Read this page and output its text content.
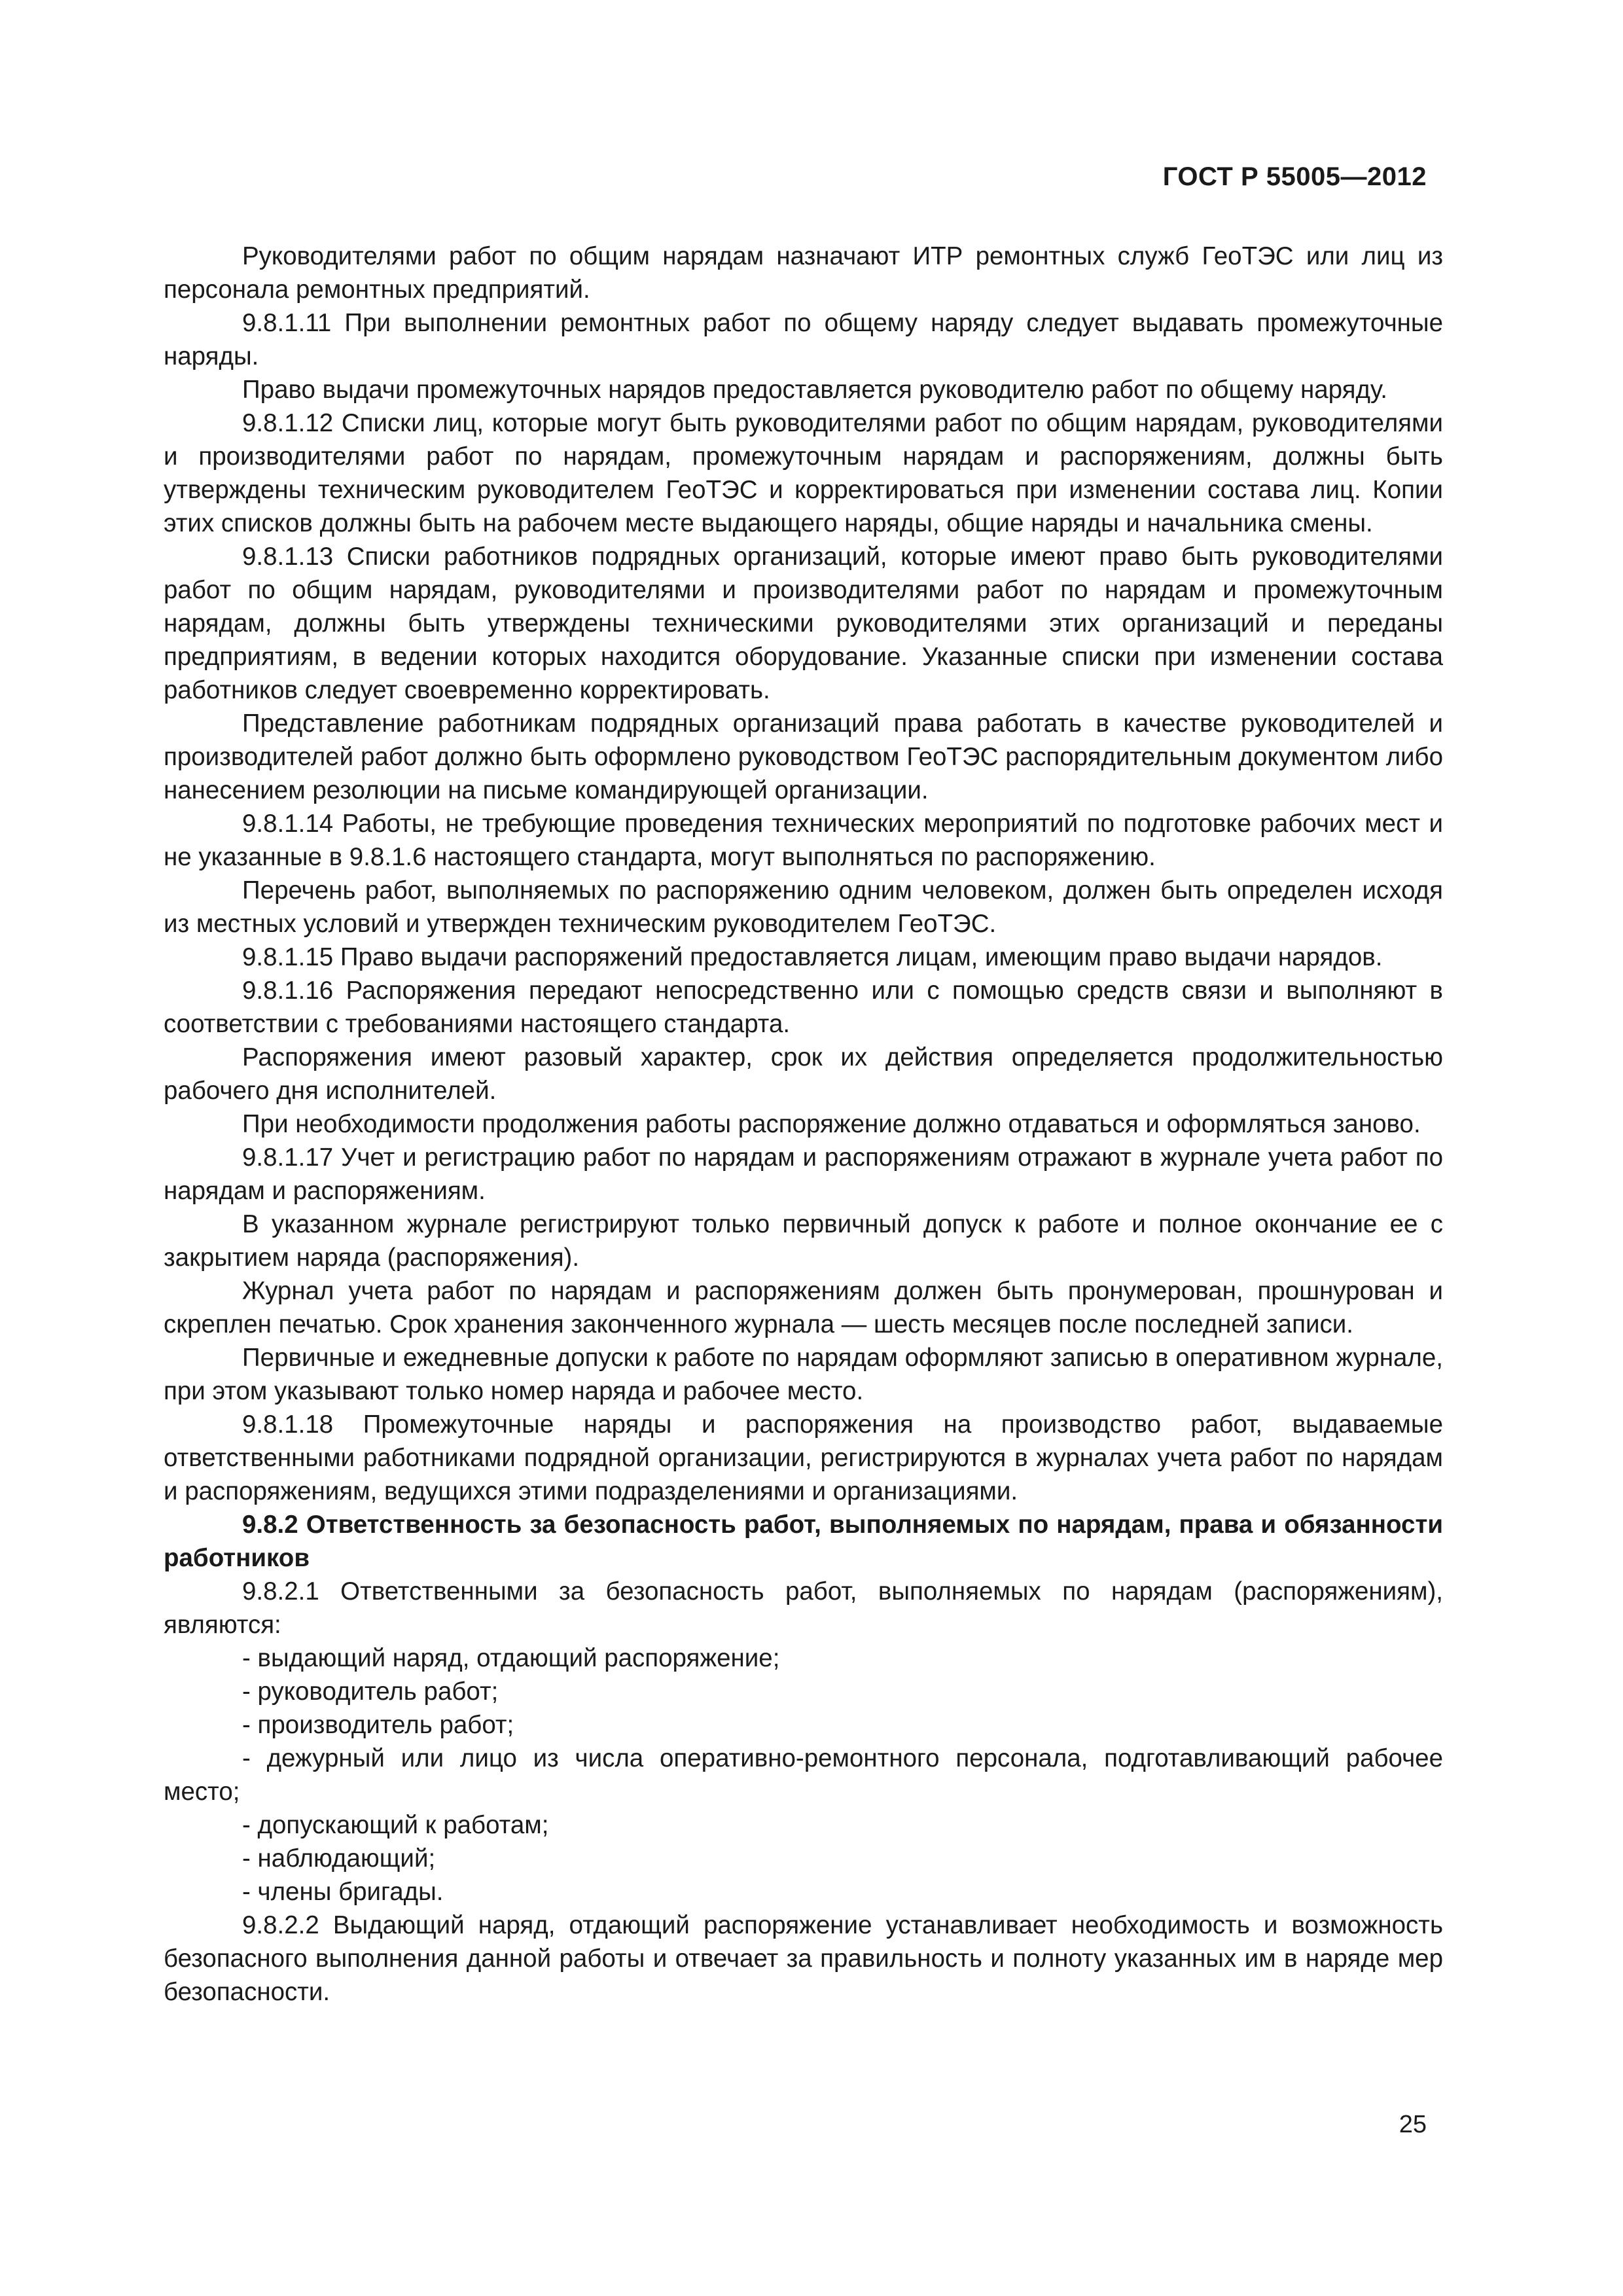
ГОСТ Р 55005—2012

Руководителями работ по общим нарядам назначают ИТР ремонтных служб ГеоТЭС или лиц из персонала ремонтных предприятий.

9.8.1.11 При выполнении ремонтных работ по общему наряду следует выдавать промежуточные наряды.

Право выдачи промежуточных нарядов предоставляется руководителю работ по общему наряду.

9.8.1.12 Списки лиц, которые могут быть руководителями работ по общим нарядам, руководителями и производителями работ по нарядам, промежуточным нарядам и распоряжениям, должны быть утверждены техническим руководителем ГеоТЭС и корректироваться при изменении состава лиц. Копии этих списков должны быть на рабочем месте выдающего наряды, общие наряды и начальника смены.

9.8.1.13 Списки работников подрядных организаций, которые имеют право быть руководителями работ по общим нарядам, руководителями и производителями работ по нарядам и промежуточным нарядам, должны быть утверждены техническими руководителями этих организаций и переданы предприятиям, в ведении которых находится оборудование. Указанные списки при изменении состава работников следует своевременно корректировать.

Представление работникам подрядных организаций права работать в качестве руководителей и производителей работ должно быть оформлено руководством ГеоТЭС распорядительным документом либо нанесением резолюции на письме командирующей организации.

9.8.1.14 Работы, не требующие проведения технических мероприятий по подготовке рабочих мест и не указанные в 9.8.1.6 настоящего стандарта, могут выполняться по распоряжению.

Перечень работ, выполняемых по распоряжению одним человеком, должен быть определен исходя из местных условий и утвержден техническим руководителем ГеоТЭС.

9.8.1.15 Право выдачи распоряжений предоставляется лицам, имеющим право выдачи нарядов.

9.8.1.16 Распоряжения передают непосредственно или с помощью средств связи и выполняют в соответствии с требованиями настоящего стандарта.

Распоряжения имеют разовый характер, срок их действия определяется продолжительностью рабочего дня исполнителей.

При необходимости продолжения работы распоряжение должно отдаваться и оформляться заново.

9.8.1.17 Учет и регистрацию работ по нарядам и распоряжениям отражают в журнале учета работ по нарядам и распоряжениям.

В указанном журнале регистрируют только первичный допуск к работе и полное окончание ее с закрытием наряда (распоряжения).

Журнал учета работ по нарядам и распоряжениям должен быть пронумерован, прошнурован и скреплен печатью. Срок хранения законченного журнала — шесть месяцев после последней записи.

Первичные и ежедневные допуски к работе по нарядам оформляют записью в оперативном журнале, при этом указывают только номер наряда и рабочее место.

9.8.1.18 Промежуточные наряды и распоряжения на производство работ, выдаваемые ответственными работниками подрядной организации, регистрируются в журналах учета работ по нарядам и распоряжениям, ведущихся этими подразделениями и организациями.

9.8.2 Ответственность за безопасность работ, выполняемых по нарядам, права и обязанности работников

9.8.2.1 Ответственными за безопасность работ, выполняемых по нарядам (распоряжениям), являются:

- выдающий наряд, отдающий распоряжение;

- руководитель работ;

- производитель работ;

- дежурный или лицо из числа оперативно-ремонтного персонала, подготавливающий рабочее место;

- допускающий к работам;

- наблюдающий;

- члены бригады.

9.8.2.2 Выдающий наряд, отдающий распоряжение устанавливает необходимость и возможность безопасного выполнения данной работы и отвечает за правильность и полноту указанных им в наряде мер безопасности.

25
